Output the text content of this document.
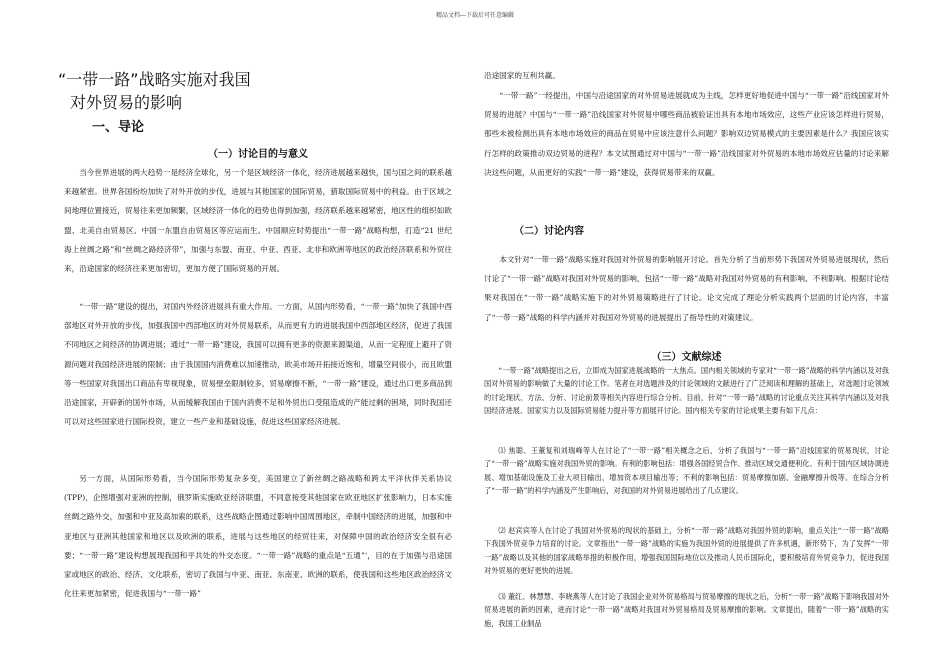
精品文档---下载后可任意编辑
“一带一路”战略实施对我国
对外贸易的影响
一、导论
（一）讨论目的与意义

当今世界进展的两大趋势一是经济全球化，另一个是区域经济一体化，经济进展越来越快，国与国之间的联系越来越紧密。世界各国纷纷加快了对外开放的步伐，进展与其他国家的国际贸易，猎取国际贸易中的利益。由于区域之间地理位置接近，贸易往来更加频繁，区域经济一体化的趋势也得到加强，经济联系越来越紧密，地区性的组织如欧盟、北美自由贸易区、中国一东盟自由贸易区等应运而生。中国顺应时势提出“一带一路”战略构想，打造“21 世纪海上丝绸之路”和“丝绸之路经济带”，加强与东盟、南亚、中亚、西亚、北非和欧洲等地区的政治经济联系和外贸往来，沿途国家的经济往来更加密切，更加方便了国际贸易的开展。

“一带一路”建设的提出，对国内外经济进展具有重大作用。一方面，从国内形势看，“一带一路”加快了我国中西部地区对外开放的步伐，加强我国中西部地区的对外贸易联系，从而更有力的进展我国中西部地区经济，促进了我国不同地区之间经济的协调进展；通过“一带一路”建设，我国可以拥有更多的资源来源渠道，从而一定程度上避开了资源问题对我国经济进展的限制；由于我国国内消费难以加速推动，欧美市场开拓接近饱和，增量空间很小，而且欧盟等一些国家对我国出口商品有卑视现象，贸易壁垒限制较多，贸易摩擦不断，“一带一路”建设，通过出口更多商品到沿途国家，开辟新的国外市场，从而缓解我国由于国内消费不足和外贸出口受阻造成的产能过剩的困境，同时我国还可以对这些国家进行国际投资，建立一些产业和基础设施，促进这些国家经济进展。

另一方面，从国际形势看，当今国际形势复杂多变，美国建立了新丝绸之路战略和跨太平洋伙伴关系协议(TPP)，企图增强对亚洲的控制，俄罗斯实施欧亚经济联盟，不同意接受其他国家在欧亚地区扩张影响力，日本实施丝绸之路外交，加强和中亚及高加索的联系，这些战略企图通过影响中国周围地区，牵制中国经济的进展，加强和中亚地区与亚洲其他国家和地区以及欧洲的联系，进展与这些地区的经贸往来，对保障中国的政治经济安全很有必要；“一带一路”建设构想展现我国和平共处的外交态度。“一带一路”战略的重点是“五通”‘，目的在于加强与沿途国家或地区的政治、经济、文化联系，密切了我国与中亚、南亚、东南亚、欧洲的联系，使我国和这些地区政治经济文化往来更加紧密，促进我国与“一带一路”

沿途国家的互利共赢。

“一带一路”一经提出，中国与沿途国家的对外贸易进展就成为主线，怎样更好地促进中国与“一带一路”沿线国家对外贸易的进展？中国与“一带一路”沿线国家对外贸易中哪些商品被验证出具有本地市场效应，这些产业应该怎样进行贸易，那些未被检测出具有本地市场效应的商品在贸易中应该注意什么问题？影响双边贸易模式的主要因素是什么？我国应该实行怎样的政策推动双边贸易的进程？本文试图通过对中国与“一带一路”沿线国家对外贸易的本地市场效应估量的讨论来解决这些问题，从而更好的实践“一带一路”建设，获得贸易带来的双赢。

（二）讨论内容

本文针对“一带一路”战略实施对我国对外贸易的影响展开讨论。首先分析了当前形势下我国对外贸易进展现状，然后讨论了“一带一路”战略对我国对外贸易的影响，包括“一带一路”战略对我国对外贸易的有利影响、不利影响。根据讨论结果对我国在“一带一路”战略实施下的对外贸易策略进行了讨论。论文完成了理论分析实践两个层面的讨论内容，丰富了“一带一路”战略的科学内涵并对我国对外贸易的进展提出了指导性的对策建议。

（三）文献综述

“一带一路”战略提出之后，立即成为国家进展战略的一大焦点。国内相关领域的专家对“一带一路”战略的科学内涵以及对我国对外贸易的影响做了大量的讨论工作。笔者在对选题涉及的讨论领域的文献进行了广泛阅读和理解的基础上，对选题讨论领域的讨论现状、方法、分析、讨论前景等相关内容进行综合分析。目前，针对“一带一路”战略的讨论重点关注其科学内涵以及对我国经济进展、国家实力以及国际贸易能力提升等方面展开讨论。国内相关专家的讨论成果主要有如下几点：

⑴ 焦聪、王董复和刘瑞峰等人在讨论了“一带一路”相关概念之后，分析了我国与“一带一路”沿线国家的贸易现状，讨论了“一带一路”战略实施对我国外贸的影响。有利的影响包括：增强各国经贸合作、推动区域交通便利化、有利于国内区域协调进展、增加基础设施及工业大项目输出、增加资本项目输出等；不利的影响包括：贸易摩擦加剧、金融摩擦升级等。在综合分析了“一带一路”的科学内涵及产生影响后，对我国的对外贸易进展给出了几点建议。

⑵ 赵宾宾等人在讨论了我国对外贸易的现状的基础上，分析“一带一路”战略对我国外贸的影响，重点关注“一带一路”战略下我国外贸竞争力培育的讨论。文章指出“一带一路”战略的实施为我国外贸的进展提供了许多机遇，新形势下，为了发挥“一带一路”战略以及其他的国家战略举措的积极作用，增强我国国际地位以及推动人民币国际化，要积极培育外贸竞争力，促进我国对外贸易的更好更快的进展。

⑶ 董红、林慧慧、李晓燕等人在讨论了我国企业对外贸易格局与贸易摩擦的现状之后，分析“一带一路”战略下影响我国对外贸易进展的新的因素，进而讨论“一带一路”战略对我国对外贸易格局及贸易摩擦的影响。文章提出，随着“一带一路”战略的实施，我国工业制品
